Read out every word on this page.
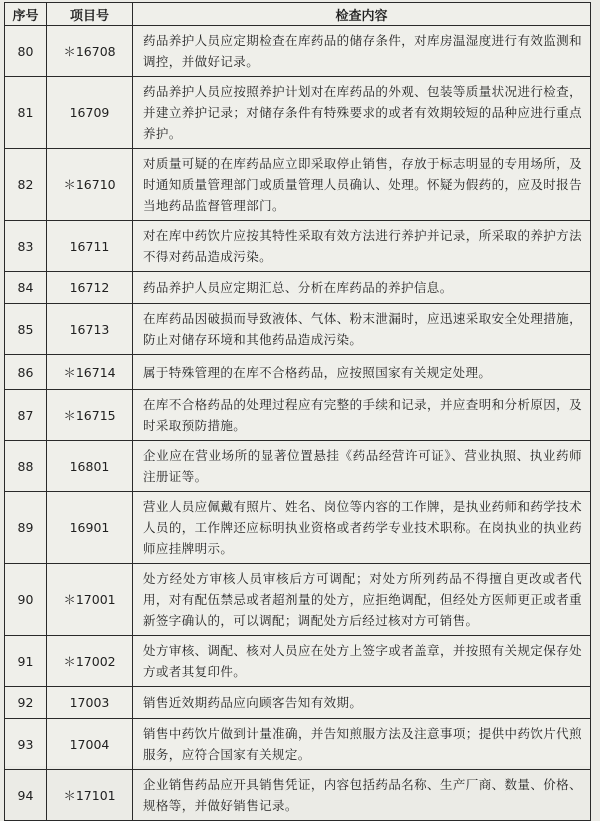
序号	项目号	检查内容
80	＊16708	药品养护人员应定期检查在库药品的储存条件，对库房温湿度进行有效监测和调控，并做好记录。
81	16709	药品养护人员应按照养护计划对在库药品的外观、包装等质量状况进行检查，并建立养护记录；对储存条件有特殊要求的或者有效期较短的品种应进行重点养护。
82	＊16710	对质量可疑的在库药品应立即采取停止销售，存放于标志明显的专用场所，及时通知质量管理部门或质量管理人员确认、处理。怀疑为假药的，应及时报告当地药品监督管理部门。
83	16711	对在库中药饮片应按其特性采取有效方法进行养护并记录，所采取的养护方法不得对药品造成污染。
84	16712	药品养护人员应定期汇总、分析在库药品的养护信息。
85	16713	在库药品因破损而导致液体、气体、粉末泄漏时，应迅速采取安全处理措施，防止对储存环境和其他药品造成污染。
86	＊16714	属于特殊管理的在库不合格药品，应按照国家有关规定处理。
87	＊16715	在库不合格药品的处理过程应有完整的手续和记录，并应查明和分析原因，及时采取预防措施。
88	16801	企业应在营业场所的显著位置悬挂《药品经营许可证》、营业执照、执业药师注册证等。
89	16901	营业人员应佩戴有照片、姓名、岗位等内容的工作牌，是执业药师和药学技术人员的，工作牌还应标明执业资格或者药学专业技术职称。在岗执业的执业药师应挂牌明示。
90	＊17001	处方经处方审核人员审核后方可调配；对处方所列药品不得擅自更改或者代用，对有配伍禁忌或者超剂量的处方，应拒绝调配，但经处方医师更正或者重新签字确认的，可以调配；调配处方后经过核对方可销售。
91	＊17002	处方审核、调配、核对人员应在处方上签字或者盖章，并按照有关规定保存处方或者其复印件。
92	17003	销售近效期药品应向顾客告知有效期。
93	17004	销售中药饮片做到计量准确，并告知煎服方法及注意事项；提供中药饮片代煎服务，应符合国家有关规定。
94	＊17101	企业销售药品应开具销售凭证，内容包括药品名称、生产厂商、数量、价格、规格等，并做好销售记录。
